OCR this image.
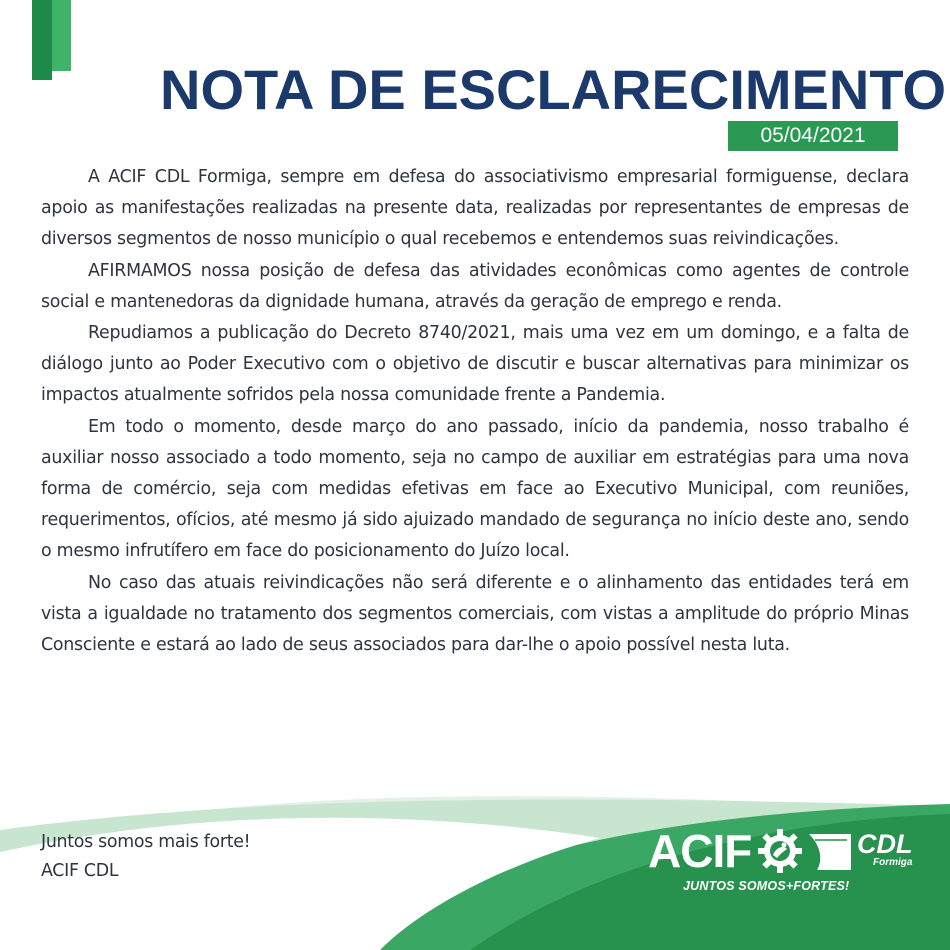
NOTA DE ESCLARECIMENTO
05/04/2021

A ACIF CDL Formiga, sempre em defesa do associativismo empresarial formiguense, declara apoio as manifestações realizadas na presente data, realizadas por representantes de empresas de diversos segmentos de nosso município o qual recebemos e entendemos suas reivindicações.

AFIRMAMOS nossa posição de defesa das atividades econômicas como agentes de controle social e mantenedoras da dignidade humana, através da geração de emprego e renda.

Repudiamos a publicação do Decreto 8740/2021, mais uma vez em um domingo, e a falta de diálogo junto ao Poder Executivo com o objetivo de discutir e buscar alternativas para minimizar os impactos atualmente sofridos pela nossa comunidade frente a Pandemia.

Em todo o momento, desde março do ano passado, início da pandemia, nosso trabalho é auxiliar nosso associado a todo momento, seja no campo de auxiliar em estratégias para uma nova forma de comércio, seja com medidas efetivas em face ao Executivo Municipal, com reuniões, requerimentos, ofícios, até mesmo já sido ajuizado mandado de segurança no início deste ano, sendo o mesmo infrutífero em face do posicionamento do Juízo local.

No caso das atuais reivindicações não será diferente e o alinhamento das entidades terá em vista a igualdade no tratamento dos segmentos comerciais, com vistas a amplitude do próprio Minas Consciente e estará ao lado de seus associados para dar-lhe o apoio possível nesta luta.

Juntos somos mais forte!
ACIF CDL	ACIF	CDL
Formiga
JUNTOS SOMOS+FORTES!
